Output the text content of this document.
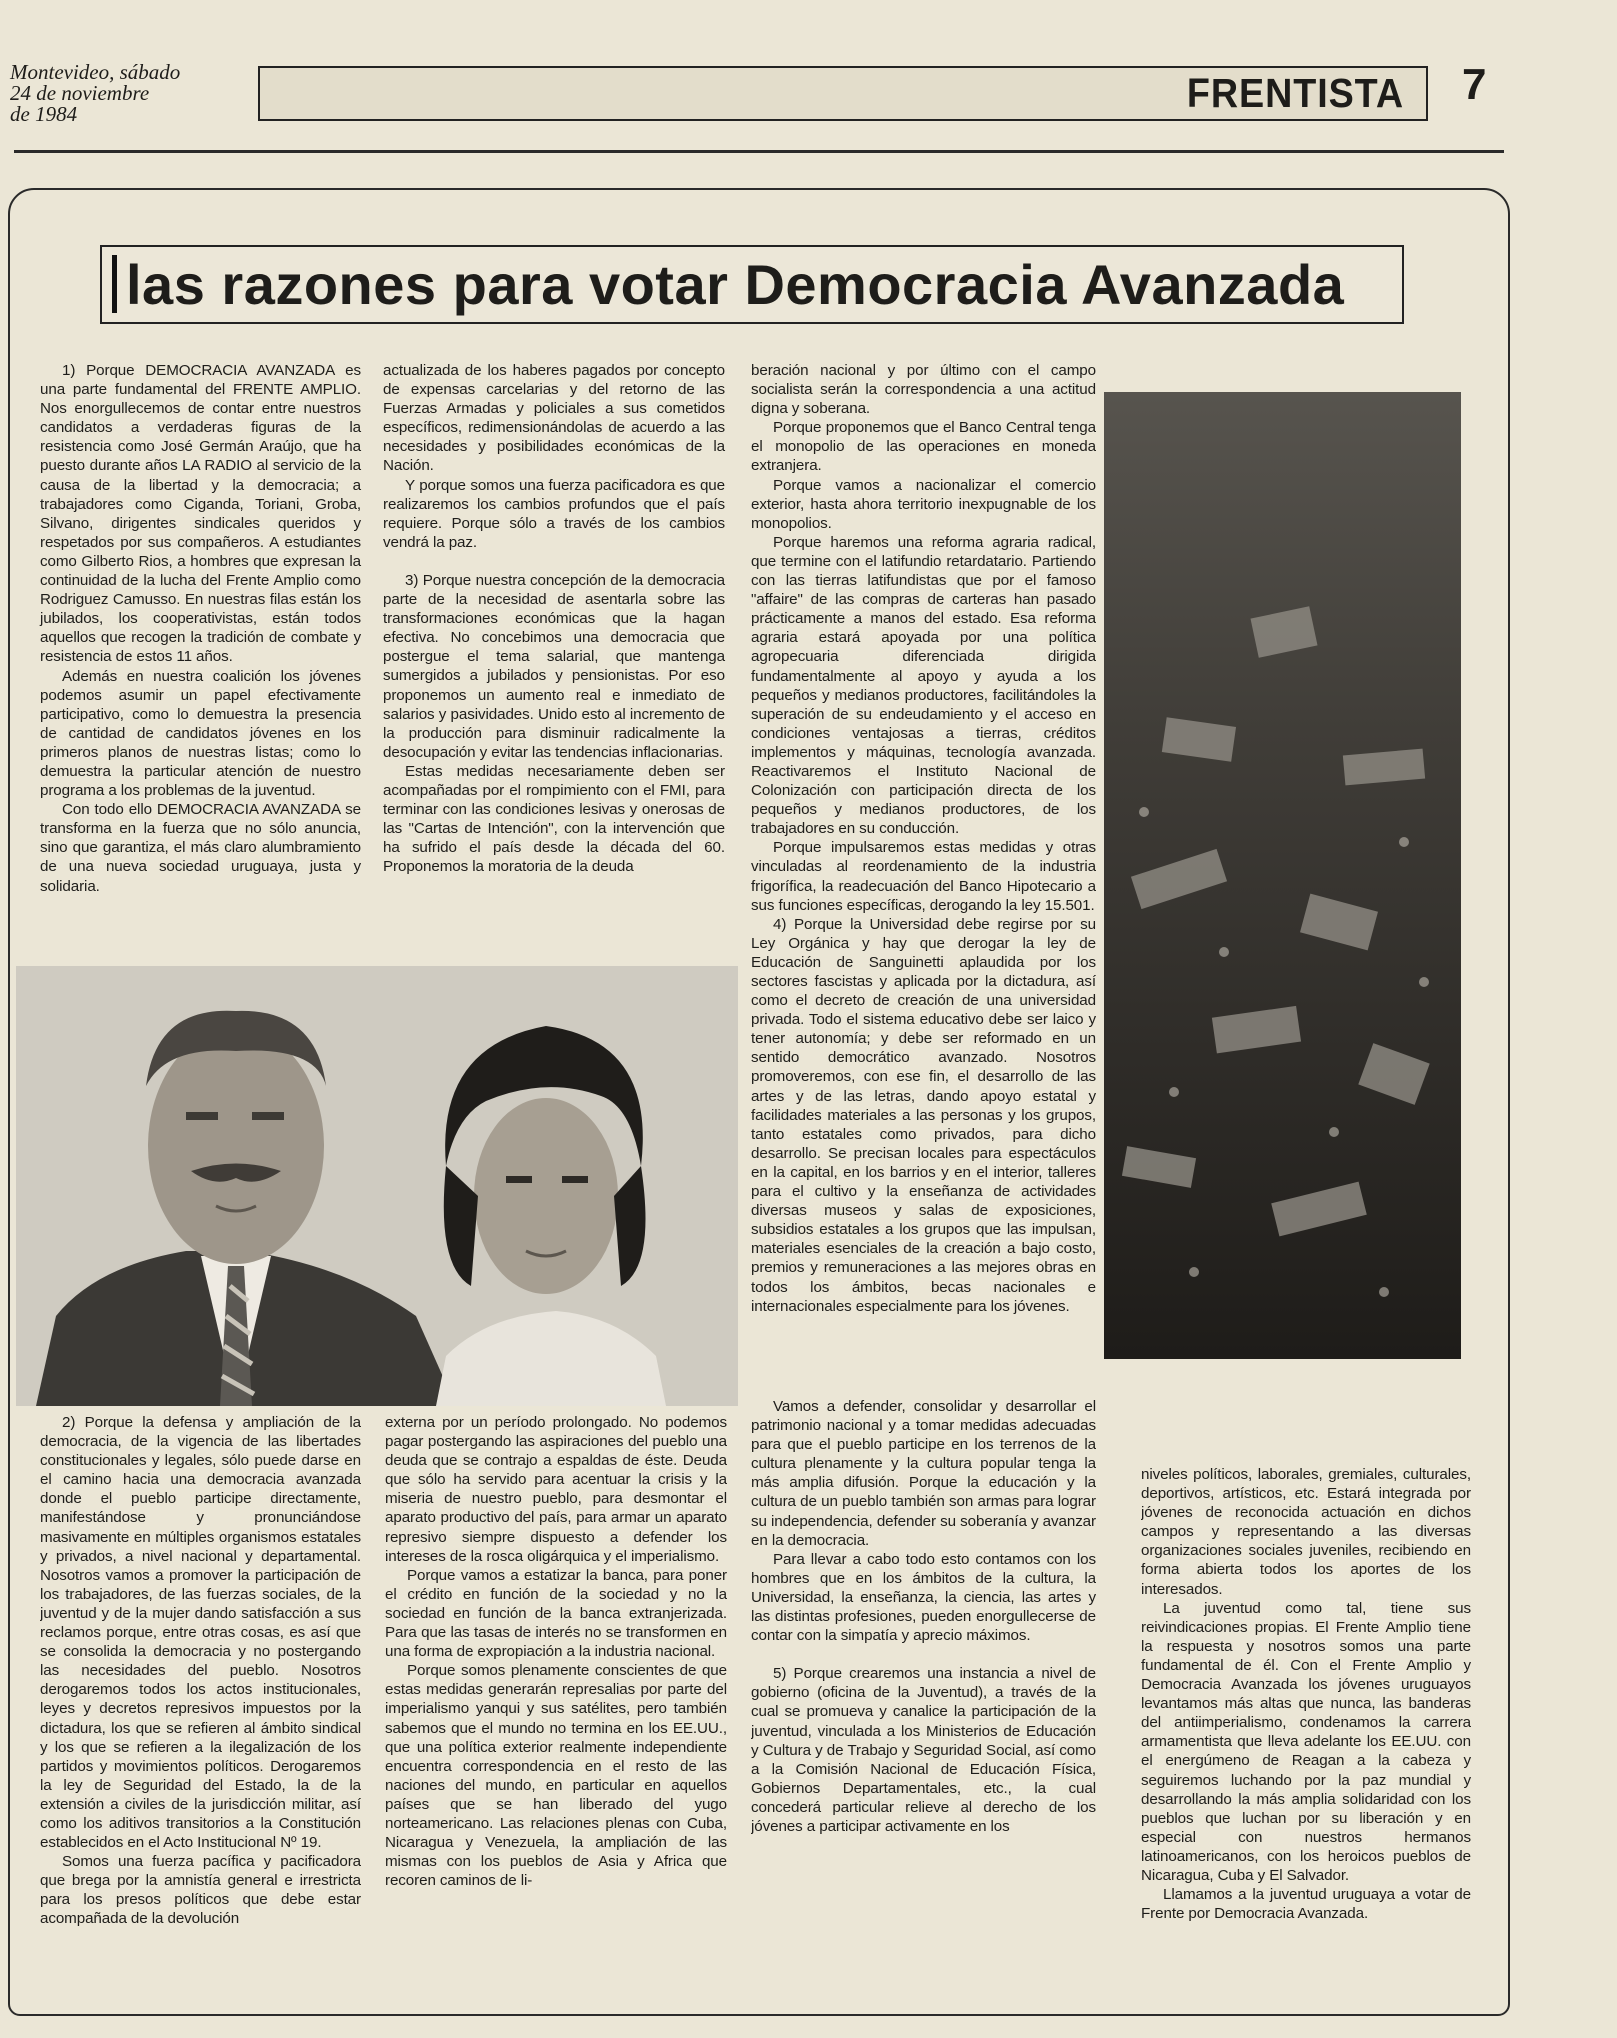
Montevideo, sábado
24 de noviembre
de 1984	FRENTISTA 7
las razones para votar Democracia Avanzada

1) Porque DEMOCRACIA AVANZADA es una parte fundamental del FRENTE AMPLIO. Nos enorgullecemos de contar entre nuestros candidatos a verdaderas figuras de la resistencia como José Germán Araújo, que ha puesto durante años LA RADIO al servicio de la causa de la libertad y la democracia; a trabajadores como Ciganda, Toriani, Groba, Silvano, dirigentes sindicales queridos y respetados por sus compañeros. A estudiantes como Gilberto Rios, a hombres que expresan la continuidad de la lucha del Frente Amplio como Rodriguez Camusso. En nuestras filas están los jubilados, los cooperativistas, están todos aquellos que recogen la tradición de combate y resistencia de estos 11 años.

Además en nuestra coalición los jóvenes podemos asumir un papel efectivamente participativo, como lo demuestra la presencia de cantidad de candidatos jóvenes en los primeros planos de nuestras listas; como lo demuestra la particular atención de nuestro programa a los problemas de la juventud.

Con todo ello DEMOCRACIA AVANZADA se transforma en la fuerza que no sólo anuncia, sino que garantiza, el más claro alumbramiento de una nueva sociedad uruguaya, justa y solidaria.

actualizada de los haberes pagados por concepto de expensas carcelarias y del retorno de las Fuerzas Armadas y policiales a sus cometidos específicos, redimensionándolas de acuerdo a las necesidades y posibilidades económicas de la Nación.

Y porque somos una fuerza pacificadora es que realizaremos los cambios profundos que el país requiere. Porque sólo a través de los cambios vendrá la paz.

3) Porque nuestra concepción de la democracia parte de la necesidad de asentarla sobre las transformaciones económicas que la hagan efectiva. No concebimos una democracia que postergue el tema salarial, que mantenga sumergidos a jubilados y pensionistas. Por eso proponemos un aumento real e inmediato de salarios y pasividades. Unido esto al incremento de la producción para disminuir radicalmente la desocupación y evitar las tendencias inflacionarias.

Estas medidas necesariamente deben ser acompañadas por el rompimiento con el FMI, para terminar con las condiciones lesivas y onerosas de las "Cartas de Intención", con la intervención que ha sufrido el país desde la década del 60. Proponemos la moratoria de la deuda

beración nacional y por último con el campo socialista serán la correspondencia a una actitud digna y soberana.

Porque proponemos que el Banco Central tenga el monopolio de las operaciones en moneda extranjera.

Porque vamos a nacionalizar el comercio exterior, hasta ahora territorio inexpugnable de los monopolios.

Porque haremos una reforma agraria radical, que termine con el latifundio retardatario. Partiendo con las tierras latifundistas que por el famoso "affaire" de las compras de carteras han pasado prácticamente a manos del estado. Esa reforma agraria estará apoyada por una política agropecuaria diferenciada dirigida fundamentalmente al apoyo y ayuda a los pequeños y medianos productores, facilitándoles la superación de su endeudamiento y el acceso en condiciones ventajosas a tierras, créditos implementos y máquinas, tecnología avanzada. Reactivaremos el Instituto Nacional de Colonización con participación directa de los pequeños y medianos productores, de los trabajadores en su conducción.

Porque impulsaremos estas medidas y otras vinculadas al reordenamiento de la industria frigorífica, la readecuación del Banco Hipotecario a sus funciones específicas, derogando la ley 15.501.

4) Porque la Universidad debe regirse por su Ley Orgánica y hay que derogar la ley de Educación de Sanguinetti aplaudida por los sectores fascistas y aplicada por la dictadura, así como el decreto de creación de una universidad privada. Todo el sistema educativo debe ser laico y tener autonomía; y debe ser reformado en un sentido democrático avanzado. Nosotros promoveremos, con ese fin, el desarrollo de las artes y de las letras, dando apoyo estatal y facilidades materiales a las personas y los grupos, tanto estatales como privados, para dicho desarrollo. Se precisan locales para espectáculos en la capital, en los barrios y en el interior, talleres para el cultivo y la enseñanza de actividades diversas museos y salas de exposiciones, subsidios estatales a los grupos que las impulsan, materiales esenciales de la creación a bajo costo, premios y remuneraciones a las mejores obras en todos los ámbitos, becas nacionales e internacionales especialmente para los jóvenes.

2) Porque la defensa y ampliación de la democracia, de la vigencia de las libertades constitucionales y legales, sólo puede darse en el camino hacia una democracia avanzada donde el pueblo participe directamente, manifestándose y pronunciándose masivamente en múltiples organismos estatales y privados, a nivel nacional y departamental. Nosotros vamos a promover la participación de los trabajadores, de las fuerzas sociales, de la juventud y de la mujer dando satisfacción a sus reclamos porque, entre otras cosas, es así que se consolida la democracia y no postergando las necesidades del pueblo. Nosotros derogaremos todos los actos institucionales, leyes y decretos represivos impuestos por la dictadura, los que se refieren al ámbito sindical y los que se refieren a la ilegalización de los partidos y movimientos políticos. Derogaremos la ley de Seguridad del Estado, la de la extensión a civiles de la jurisdicción militar, así como los aditivos transitorios a la Constitución establecidos en el Acto Institucional Nº 19.

Somos una fuerza pacífica y pacificadora que brega por la amnistía general e irrestricta para los presos políticos que debe estar acompañada de la devolución

externa por un período prolongado. No podemos pagar postergando las aspiraciones del pueblo una deuda que se contrajo a espaldas de éste. Deuda que sólo ha servido para acentuar la crisis y la miseria de nuestro pueblo, para desmontar el aparato productivo del país, para armar un aparato represivo siempre dispuesto a defender los intereses de la rosca oligárquica y el imperialismo.

Porque vamos a estatizar la banca, para poner el crédito en función de la sociedad y no la sociedad en función de la banca extranjerizada. Para que las tasas de interés no se transformen en una forma de expropiación a la industria nacional.

Porque somos plenamente conscientes de que estas medidas generarán represalias por parte del imperialismo yanqui y sus satélites, pero también sabemos que el mundo no termina en los EE.UU., que una política exterior realmente independiente encuentra correspondencia en el resto de las naciones del mundo, en particular en aquellos países que se han liberado del yugo norteamericano. Las relaciones plenas con Cuba, Nicaragua y Venezuela, la ampliación de las mismas con los pueblos de Asia y Africa que recoren caminos de li-

Vamos a defender, consolidar y desarrollar el patrimonio nacional y a tomar medidas adecuadas para que el pueblo participe en los terrenos de la cultura plenamente y la cultura popular tenga la más amplia difusión. Porque la educación y la cultura de un pueblo también son armas para lograr su independencia, defender su soberanía y avanzar en la democracia.

Para llevar a cabo todo esto contamos con los hombres que en los ámbitos de la cultura, la Universidad, la enseñanza, la ciencia, las artes y las distintas profesiones, pueden enorgullecerse de contar con la simpatía y aprecio máximos.

5) Porque crearemos una instancia a nivel de gobierno (oficina de la Juventud), a través de la cual se promueva y canalice la participación de la juventud, vinculada a los Ministerios de Educación y Cultura y de Trabajo y Seguridad Social, así como a la Comisión Nacional de Educación Física, Gobiernos Departamentales, etc., la cual concederá particular relieve al derecho de los jóvenes a participar activamente en los

niveles políticos, laborales, gremiales, culturales, deportivos, artísticos, etc. Estará integrada por jóvenes de reconocida actuación en dichos campos y representando a las diversas organizaciones sociales juveniles, recibiendo en forma abierta todos los aportes de los interesados.

La juventud como tal, tiene sus reivindicaciones propias. El Frente Amplio tiene la respuesta y nosotros somos una parte fundamental de él. Con el Frente Amplio y Democracia Avanzada los jóvenes uruguayos levantamos más altas que nunca, las banderas del antiimperialismo, condenamos la carrera armamentista que lleva adelante los EE.UU. con el energúmeno de Reagan a la cabeza y seguiremos luchando por la paz mundial y desarrollando la más amplia solidaridad con los pueblos que luchan por su liberación y en especial con nuestros hermanos latinoamericanos, con los heroicos pueblos de Nicaragua, Cuba y El Salvador.

Llamamos a la juventud uruguaya a votar de Frente por Democracia Avanzada.
